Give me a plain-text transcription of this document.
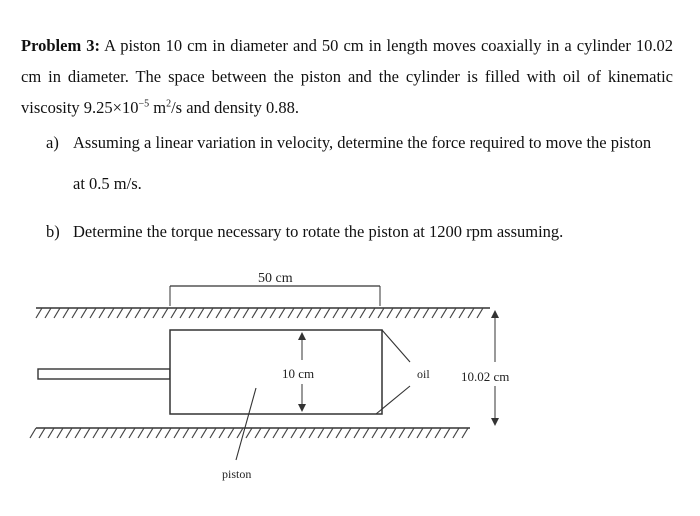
Problem 3: A piston 10 cm in diameter and 50 cm in length moves coaxially in a cylinder 10.02 cm in diameter. The space between the piston and the cylinder is filled with oil of kinematic viscosity $9.25\times 10^{-5}$ $m^2/s$ and density 0.88.
a) Assuming a linear variation in velocity, determine the force required to move the piston
at 0.5 m/s.
b) Determine the torque necessary to rotate the piston at 1200 rpm assuming.
50 cm
10 cm	oil 10.02 cm
piston
